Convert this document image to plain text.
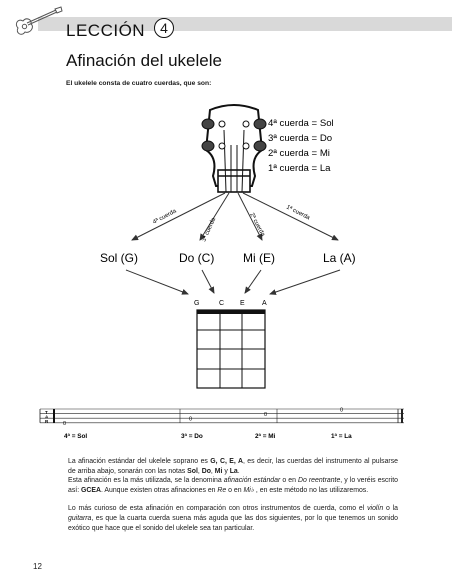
LECCIÓN	4
Afinación del ukelele
El ukelele consta de cuatro cuerdas, que son:
4ª cuerda = Sol
3ª cuerda = Do
2ª cuerda = Mi
1ª cuerda = La
4ª cuerda	3ª cuerda	2ª cuerda	1ª cuerda
Sol (G)	Do (C) Mi (E)	La (A)
G	C E A
T
A
B	0
0
0
0
4ª = Sol	3ª = Do	2ª = Mi	1ª = La

La afinación estándar del ukelele soprano es G, C, E, A, es decir, las cuerdas del instrumento al pulsarse de arriba abajo, sonarán con las notas Sol, Do, Mi y La.
Esta afinación es la más utilizada, se la denomina afinación estándar o en Do reentrante, y lo veréis escrito así: GCEA. Aunque existen otras afinaciones en Re o en Mi♭ , en este método no las utilizaremos.

Lo más curioso de esta afinación en comparación con otros instrumentos de cuerda, como el violín o la guitarra, es que la cuarta cuerda suena más aguda que las dos siguientes, por lo que tenemos un sonido exótico que hace que el sonido del ukelele sea tan particular.

12
